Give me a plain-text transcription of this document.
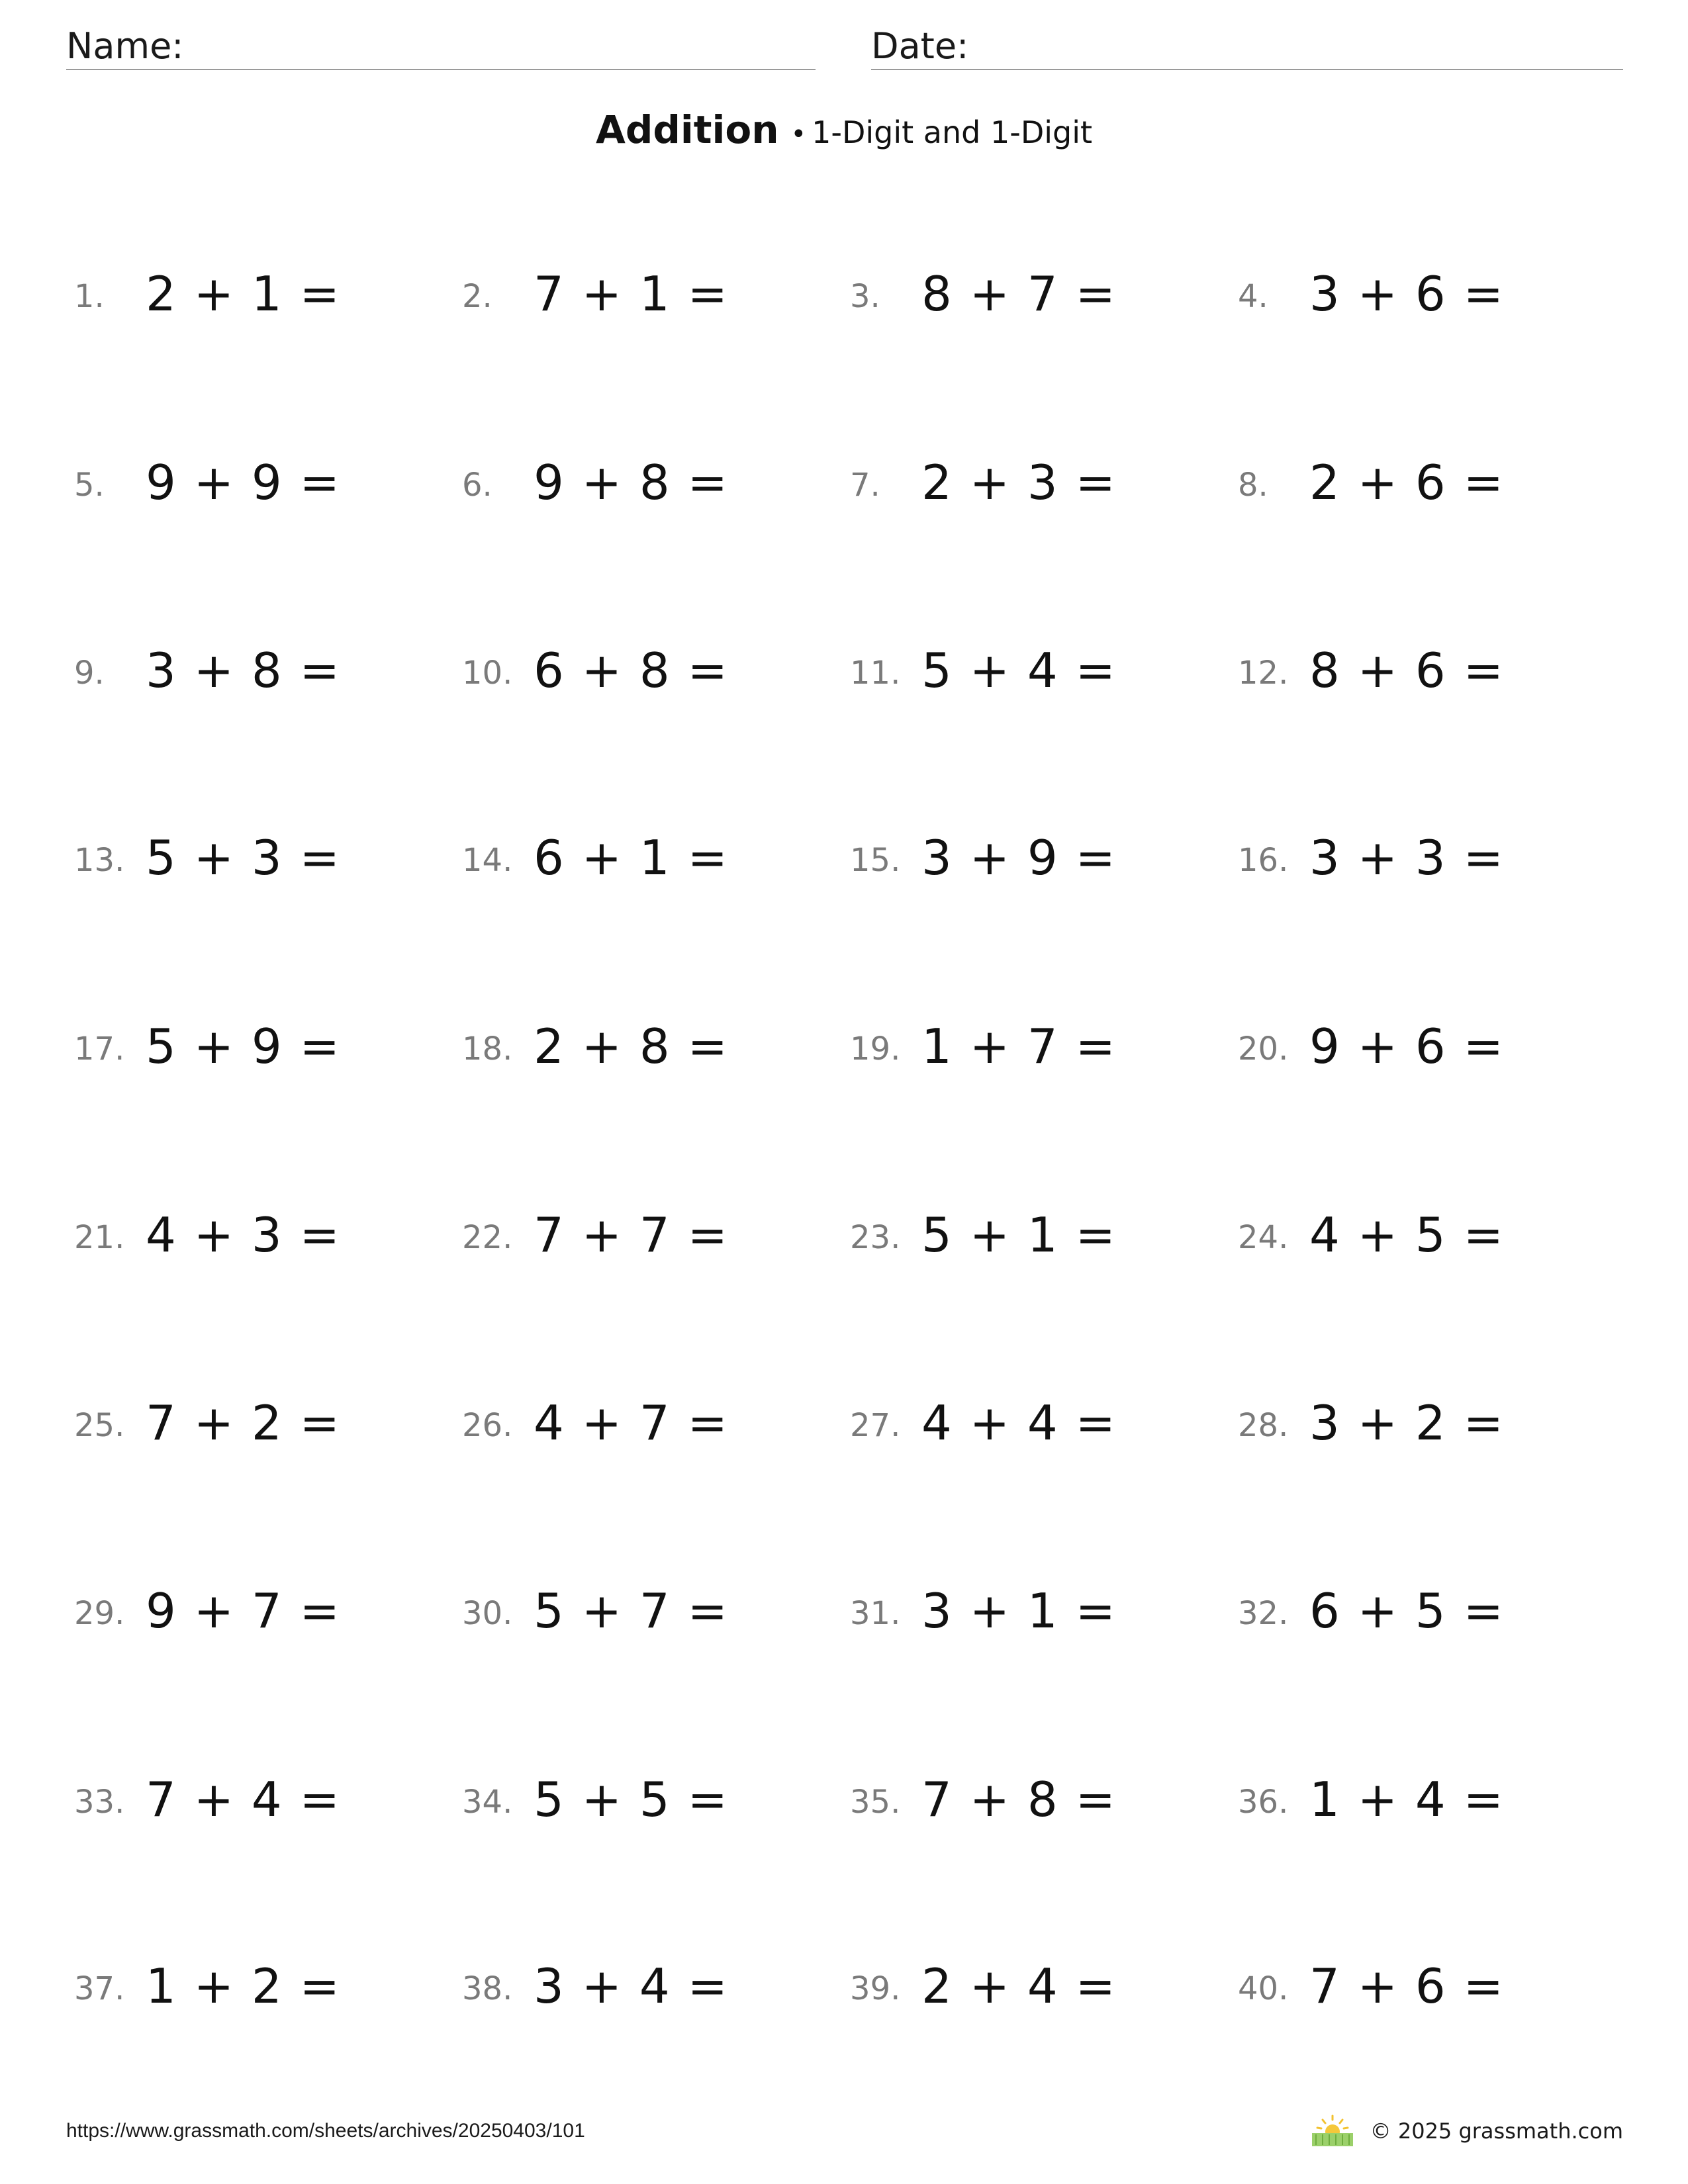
Name:	Date:
Addition • 1-Digit and 1-Digit
1. 2 + 1 =	2. 7 + 1 =	3. 8 + 7 =	4. 3 + 6 =
5. 9 + 9 =	6. 9 + 8 =	7. 2 + 3 =	8. 2 + 6 =
9. 3 + 8 =	10. 6 + 8 =	11. 5 + 4 =	12. 8 + 6 =
13. 5 + 3 =	14. 6 + 1 =	15. 3 + 9 =	16. 3 + 3 =
17. 5 + 9 =	18. 2 + 8 =	19. 1 + 7 =	20. 9 + 6 =
21. 4 + 3 =	22. 7 + 7 =	23. 5 + 1 =	24. 4 + 5 =
25. 7 + 2 =	26. 4 + 7 =	27. 4 + 4 =	28. 3 + 2 =
29. 9 + 7 =	30. 5 + 7 =	31. 3 + 1 =	32. 6 + 5 =
33. 7 + 4 =	34. 5 + 5 =	35. 7 + 8 =	36. 1 + 4 =
37. 1 + 2 =	38. 3 + 4 =	39. 2 + 4 =	40. 7 + 6 =
https://www.grassmath.com/sheets/archives/20250403/101	© 2025 grassmath.com
